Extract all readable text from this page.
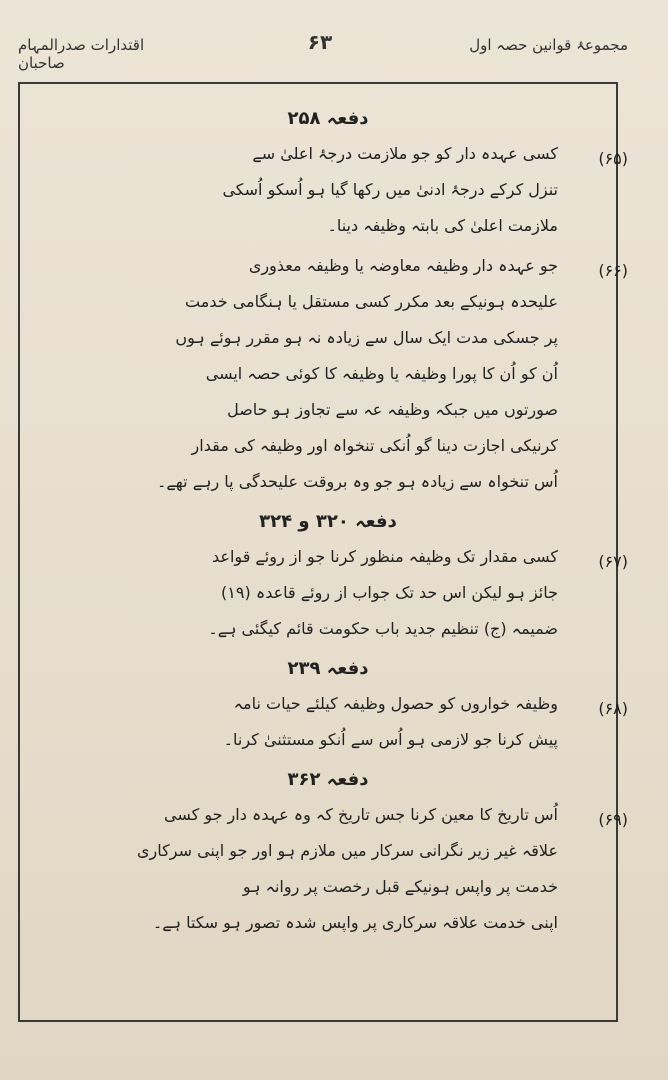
اقتدارات صدرالمہام صاحبان
۶۳	مجموعۂ قوانین حصہ اول
دفعہ ۲۵۸
(۶۵)
کسی عہدہ دار کو جو ملازمت درجۂ اعلیٰ سے
تنزل کرکے درجۂ ادنیٰ میں رکھا گیا ہو اُسکو اُسکی
ملازمت اعلیٰ کی بابتہ وظیفہ دینا۔
(۶۶)
جو عہدہ دار وظیفہ معاوضہ یا وظیفہ معذوری
علیحدہ ہونیکے بعد مکرر کسی مستقل یا ہنگامی خدمت
پر جسکی مدت ایک سال سے زیادہ نہ ہو مقرر ہوئے ہوں
اُن کو اُن کا پورا وظیفہ یا وظیفہ کا کوئی حصہ ایسی
صورتوں میں جبکہ وظیفہ عہ سے تجاوز ہو حاصل
کرنیکی اجازت دینا گو اُنکی تنخواہ اور وظیفہ کی مقدار
اُس تنخواہ سے زیادہ ہو جو وہ بروقت علیحدگی پا رہے تھے۔
دفعہ ۳۲۰ و ۳۲۴
(۶۷)
کسی مقدار تک وظیفہ منظور کرنا جو از روئے قواعد
جائز ہو لیکن اس حد تک جواب از روئے قاعدہ (۱۹)
ضمیمہ (ج) تنظیم جدید باب حکومت قائم کیگئی ہے۔
دفعہ ۲۳۹
(۶۸)
وظیفہ خواروں کو حصول وظیفہ کیلئے حیات نامہ
پیش کرنا جو لازمی ہو اُس سے اُنکو مستثنیٰ کرنا۔
دفعہ ۳۶۲
(۶۹)
اُس تاریخ کا معین کرنا جس تاریخ کہ وہ عہدہ دار جو کسی
علاقہ غیر زیر نگرانی سرکار میں ملازم ہو اور جو اپنی سرکاری
خدمت پر واپس ہونیکے قبل رخصت پر روانہ ہو
اپنی خدمت علاقہ سرکاری پر واپس شدہ تصور ہو سکتا ہے۔
